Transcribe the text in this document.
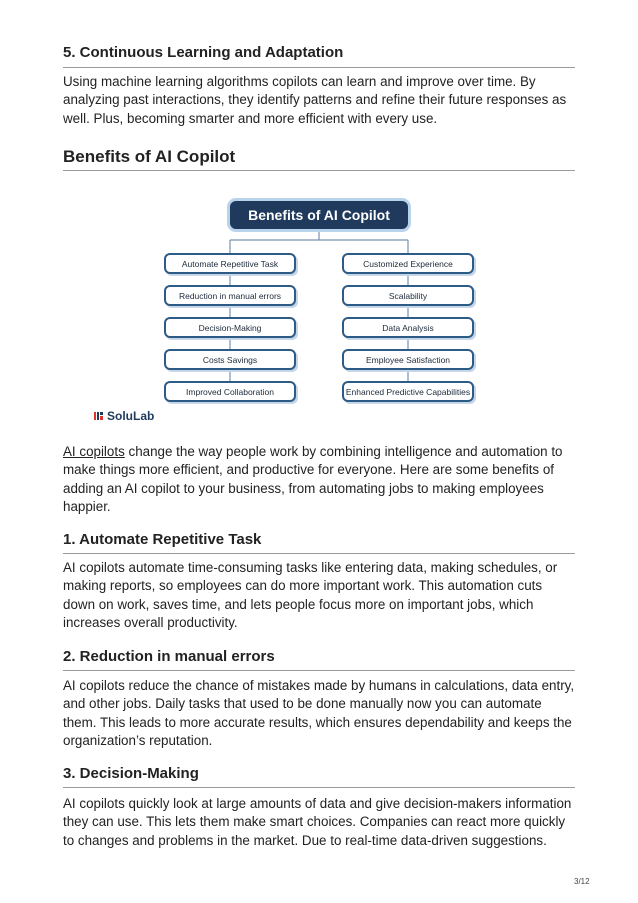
5. Continuous Learning and Adaptation

Using machine learning algorithms copilots can learn and improve over time. By analyzing past interactions, they identify patterns and refine their future responses as well. Plus, becoming smarter and more efficient with every use.

Benefits of AI Copilot
Benefits of AI Copilot
Automate Repetitive Task
Reduction in manual errors
Decision-Making
Costs Savings
Improved Collaboration
Customized Experience
Scalability
Data Analysis
Employee Satisfaction
Enhanced Predictive Capabilities
SoluLab

AI copilots change the way people work by combining intelligence and automation to make things more efficient, and productive for everyone. Here are some benefits of adding an AI copilot to your business, from automating jobs to making employees happier.

1. Automate Repetitive Task

AI copilots automate time-consuming tasks like entering data, making schedules, or making reports, so employees can do more important work. This automation cuts down on work, saves time, and lets people focus more on important jobs, which increases overall productivity.

2. Reduction in manual errors

AI copilots reduce the chance of mistakes made by humans in calculations, data entry, and other jobs. Daily tasks that used to be done manually now you can automate them. This leads to more accurate results, which ensures dependability and keeps the organization’s reputation.

3. Decision-Making

AI copilots quickly look at large amounts of data and give decision-makers information they can use. This lets them make smart choices. Companies can react more quickly to changes and problems in the market. Due to real-time data-driven suggestions.

3/12
